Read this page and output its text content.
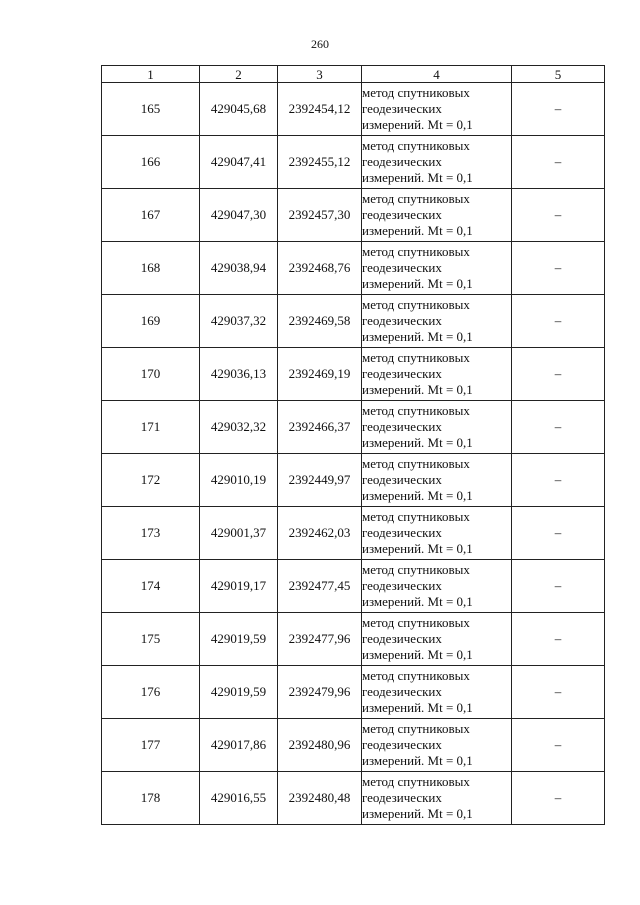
260
1	2	3	4	5
165	429045,68	2392454,12	метод спутниковых
геодезических
измерений. Mt = 0,1	–
166	429047,41	2392455,12	метод спутниковых
геодезических
измерений. Mt = 0,1	–
167	429047,30	2392457,30	метод спутниковых
геодезических
измерений. Mt = 0,1	–
168	429038,94	2392468,76	метод спутниковых
геодезических
измерений. Mt = 0,1	–
169	429037,32	2392469,58	метод спутниковых
геодезических
измерений. Mt = 0,1	–
170	429036,13	2392469,19	метод спутниковых
геодезических
измерений. Mt = 0,1	–
171	429032,32	2392466,37	метод спутниковых
геодезических
измерений. Mt = 0,1	–
172	429010,19	2392449,97	метод спутниковых
геодезических
измерений. Mt = 0,1	–
173	429001,37	2392462,03	метод спутниковых
геодезических
измерений. Mt = 0,1	–
174	429019,17	2392477,45	метод спутниковых
геодезических
измерений. Mt = 0,1	–
175	429019,59	2392477,96	метод спутниковых
геодезических
измерений. Mt = 0,1	–
176	429019,59	2392479,96	метод спутниковых
геодезических
измерений. Mt = 0,1	–
177	429017,86	2392480,96	метод спутниковых
геодезических
измерений. Mt = 0,1	–
178	429016,55	2392480,48	метод спутниковых
геодезических
измерений. Mt = 0,1	–
